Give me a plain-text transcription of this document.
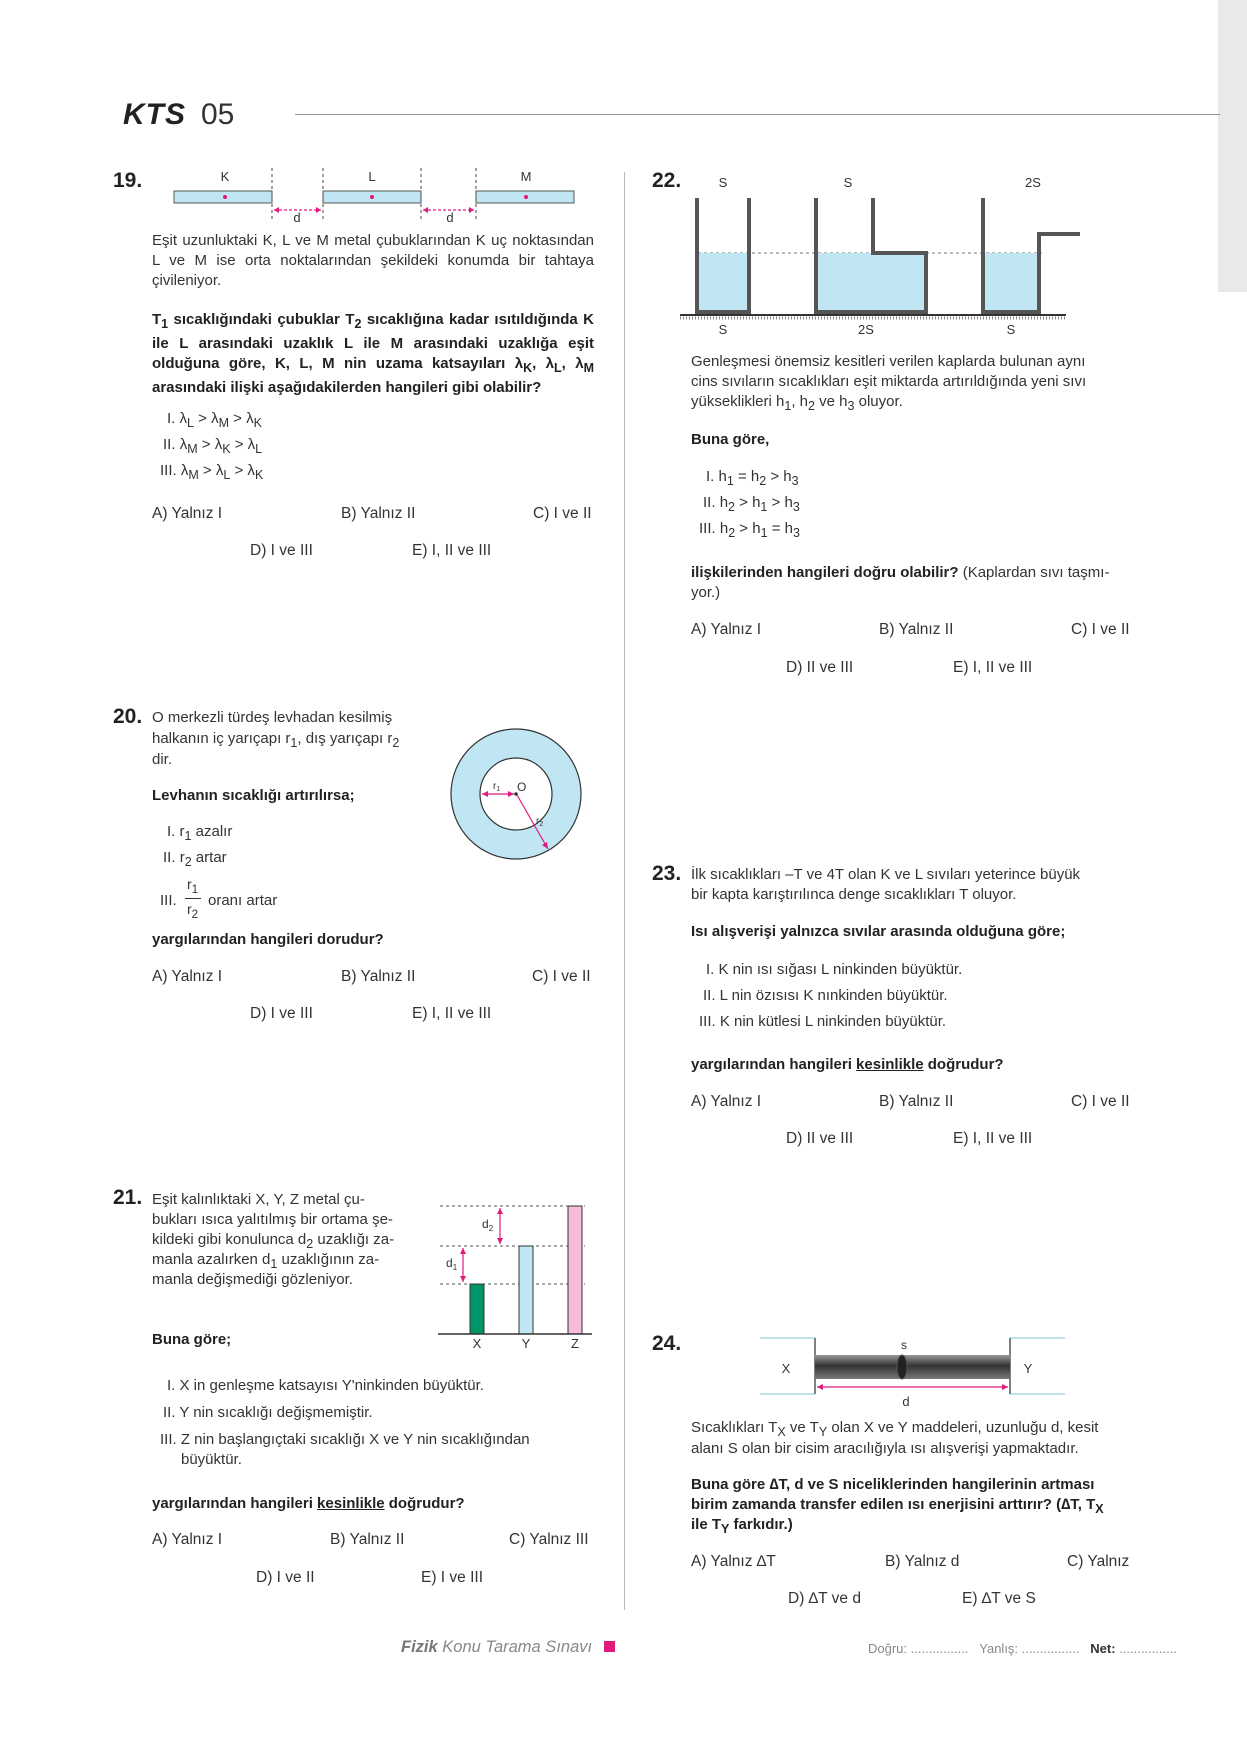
KTS 05
19.	K	L	M
d	d
Eşit uzunluktaki K, L ve M metal çubuklarından K uç noktasından L ve M ise orta noktalarından şekildeki konumda bir tahtaya çivileniyor.
$T_1$ sıcaklığındaki çubuklar $T_2$ sıcaklığına kadar ısıtıldığında K ile L arasındaki uzaklık L ile M arasındaki uzaklığa eşit olduğuna göre, K, L, M nin uzama katsayıları $\lambda_K$, $\lambda_L$, $\lambda_M$ arasındaki ilişki aşağıdakilerden hangileri gibi olabilir?
I. $\lambda_L > \lambda_M > \lambda_K$
II. $\lambda_M > \lambda_K > \lambda_L$
III. $\lambda_M > \lambda_L > \lambda_K$
A) Yalnız I	B) Yalnız II	C) I ve II
D) I ve III	E) I, II ve III
20. O merkezli türdeş levhadan kesilmiş
halkanın iç yarıçapı $r_1$, dış yarıçapı $r_2$
dir.
Levhanın sıcaklığı artırılırsa;
I. $r_1$ azalır
II. $r_2$ artar
III.
$r_1$
$r_2$
oranı artar
yargılarından hangileri dorudur?
O
$r_1$
$r_2$
A) Yalnız I	B) Yalnız II	C) I ve II
D) I ve III	E) I, II ve III
21. Eşit kalınlıktaki X, Y, Z metal çu-
bukları ısıca yalıtılmış bir ortama şe-
kildeki gibi konulunca $d_2$ uzaklığı za-
manla azalırken $d_1$ uzaklığının za-
manla değişmediği gözleniyor.
$d_2$
$d_1$
X	Y	Z
Buna göre;
I. X in genleşme katsayısı Y'ninkinden büyüktür.
II. Y nin sıcaklığı değişmemiştir.
III. Z nin başlangıçtaki sıcaklığı X ve Y nin sıcaklığından
büyüktür.
yargılarından hangileri kesinlikle doğrudur?
A) Yalnız I	B) Yalnız II	C) Yalnız III
D) I ve II	E) I ve III
22.	S	S	2S
S	2S	S
Genleşmesi önemsiz kesitleri verilen kaplarda bulunan aynı
cins sıvıların sıcaklıkları eşit miktarda artırıldığında yeni sıvı
yükseklikleri $h_1$, $h_2$ ve $h_3$ oluyor.
Buna göre,
I. $h_1 = h_2 > h_3$
II. $h_2 > h_1 > h_3$
III. $h_2 > h_1 = h_3$
ilişkilerinden hangileri doğru olabilir? (Kaplardan sıvı taşmı-
yor.)
A) Yalnız I	B) Yalnız II	C) I ve II
D) II ve III	E) I, II ve III
23. İlk sıcaklıkları –T ve 4T olan K ve L sıvıları yeterince büyük
bir kapta karıştırılınca denge sıcaklıkları T oluyor.
Isı alışverişi yalnızca sıvılar arasında olduğuna göre;
I. K nin ısı sığası L ninkinden büyüktür.
II. L nin özısısı K nınkinden büyüktür.
III. K nin kütlesi L ninkinden büyüktür.
yargılarından hangileri kesinlikle doğrudur?
A) Yalnız I	B) Yalnız II	C) I ve II
D) II ve III	E) I, II ve III
24.
X	Y
s
d
Sıcaklıkları $T_X$ ve $T_Y$ olan X ve Y maddeleri, uzunluğu d, kesit
alanı S olan bir cisim aracılığıyla ısı alışverişi yapmaktadır.
Buna göre ∆T, d ve S niceliklerinden hangilerinin artması
birim zamanda transfer edilen ısı enerjisini arttırır? (∆T, $T_X$
ile $T_Y$ farkıdır.)
A) Yalnız ∆T	B) Yalnız d	C) Yalnız
D) ∆T ve d	E) ∆T ve S
Fizik Konu Tarama Sınavı	Doğru: ................ Yanlış: ................ Net: ................
